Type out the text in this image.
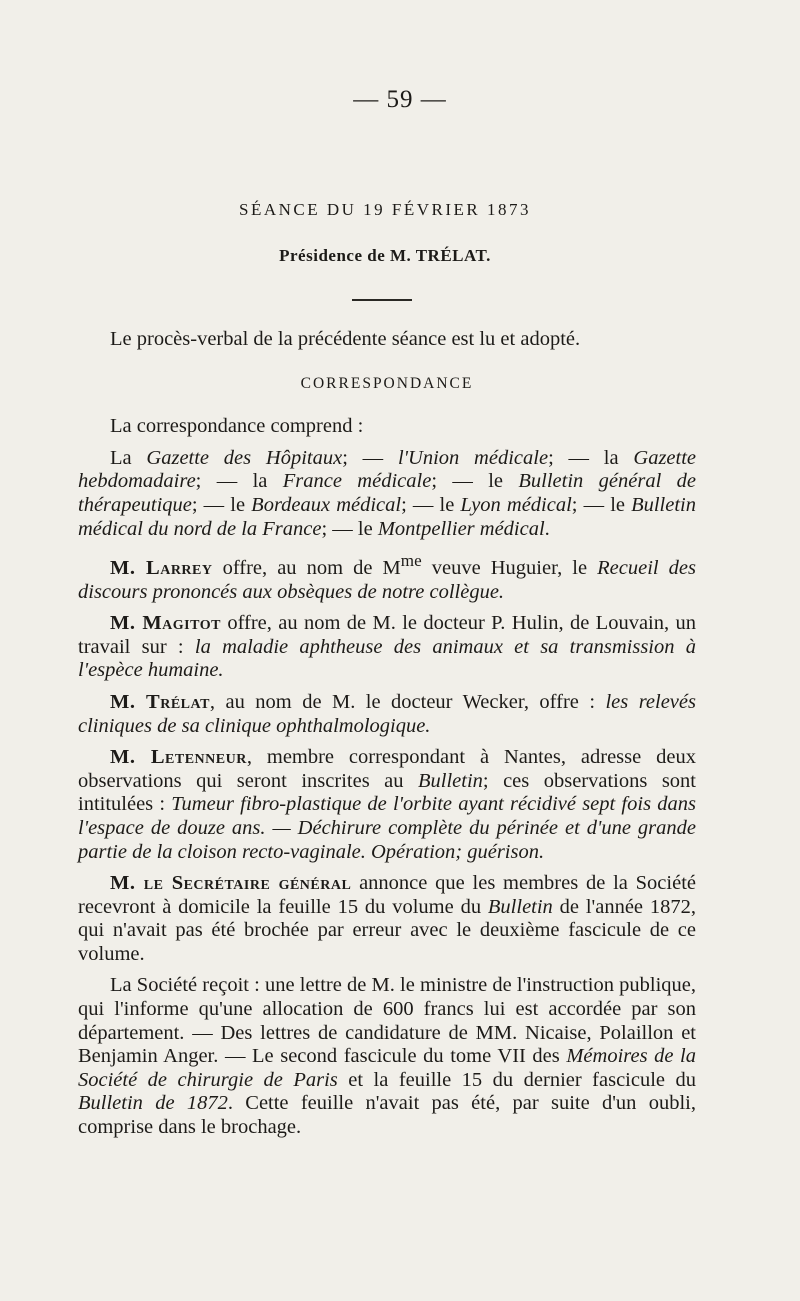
— 59 —
SÉANCE DU 19 FÉVRIER 1873
Présidence de M. TRÉLAT.

Le procès-verbal de la précédente séance est lu et adopté.

CORRESPONDANCE

La correspondance comprend :

La Gazette des Hôpitaux; — l'Union médicale; — la Gazette hebdomadaire; — la France médicale; — le Bulletin général de thérapeutique; — le Bordeaux médical; — le Lyon médical; — le Bulletin médical du nord de la France; — le Montpellier médical.

M. Larrey offre, au nom de $M^{me}$ veuve Huguier, le Recueil des discours prononcés aux obsèques de notre collègue.

M. Magitot offre, au nom de M. le docteur P. Hulin, de Louvain, un travail sur : la maladie aphtheuse des animaux et sa transmission à l'espèce humaine.

M. Trélat, au nom de M. le docteur Wecker, offre : les relevés cliniques de sa clinique ophthalmologique.

M. Letenneur, membre correspondant à Nantes, adresse deux observations qui seront inscrites au Bulletin; ces observations sont intitulées : Tumeur fibro-plastique de l'orbite ayant récidivé sept fois dans l'espace de douze ans. — Déchirure complète du périnée et d'une grande partie de la cloison recto-vaginale. Opération; guérison.

M. le Secrétaire général annonce que les membres de la Société recevront à domicile la feuille 15 du volume du Bulletin de l'année 1872, qui n'avait pas été brochée par erreur avec le deuxième fascicule de ce volume.

La Société reçoit : une lettre de M. le ministre de l'instruction publique, qui l'informe qu'une allocation de 600 francs lui est accordée par son département. — Des lettres de candidature de MM. Nicaise, Polaillon et Benjamin Anger. — Le second fascicule du tome VII des Mémoires de la Société de chirurgie de Paris et la feuille 15 du dernier fascicule du Bulletin de 1872. Cette feuille n'avait pas été, par suite d'un oubli, comprise dans le brochage.
